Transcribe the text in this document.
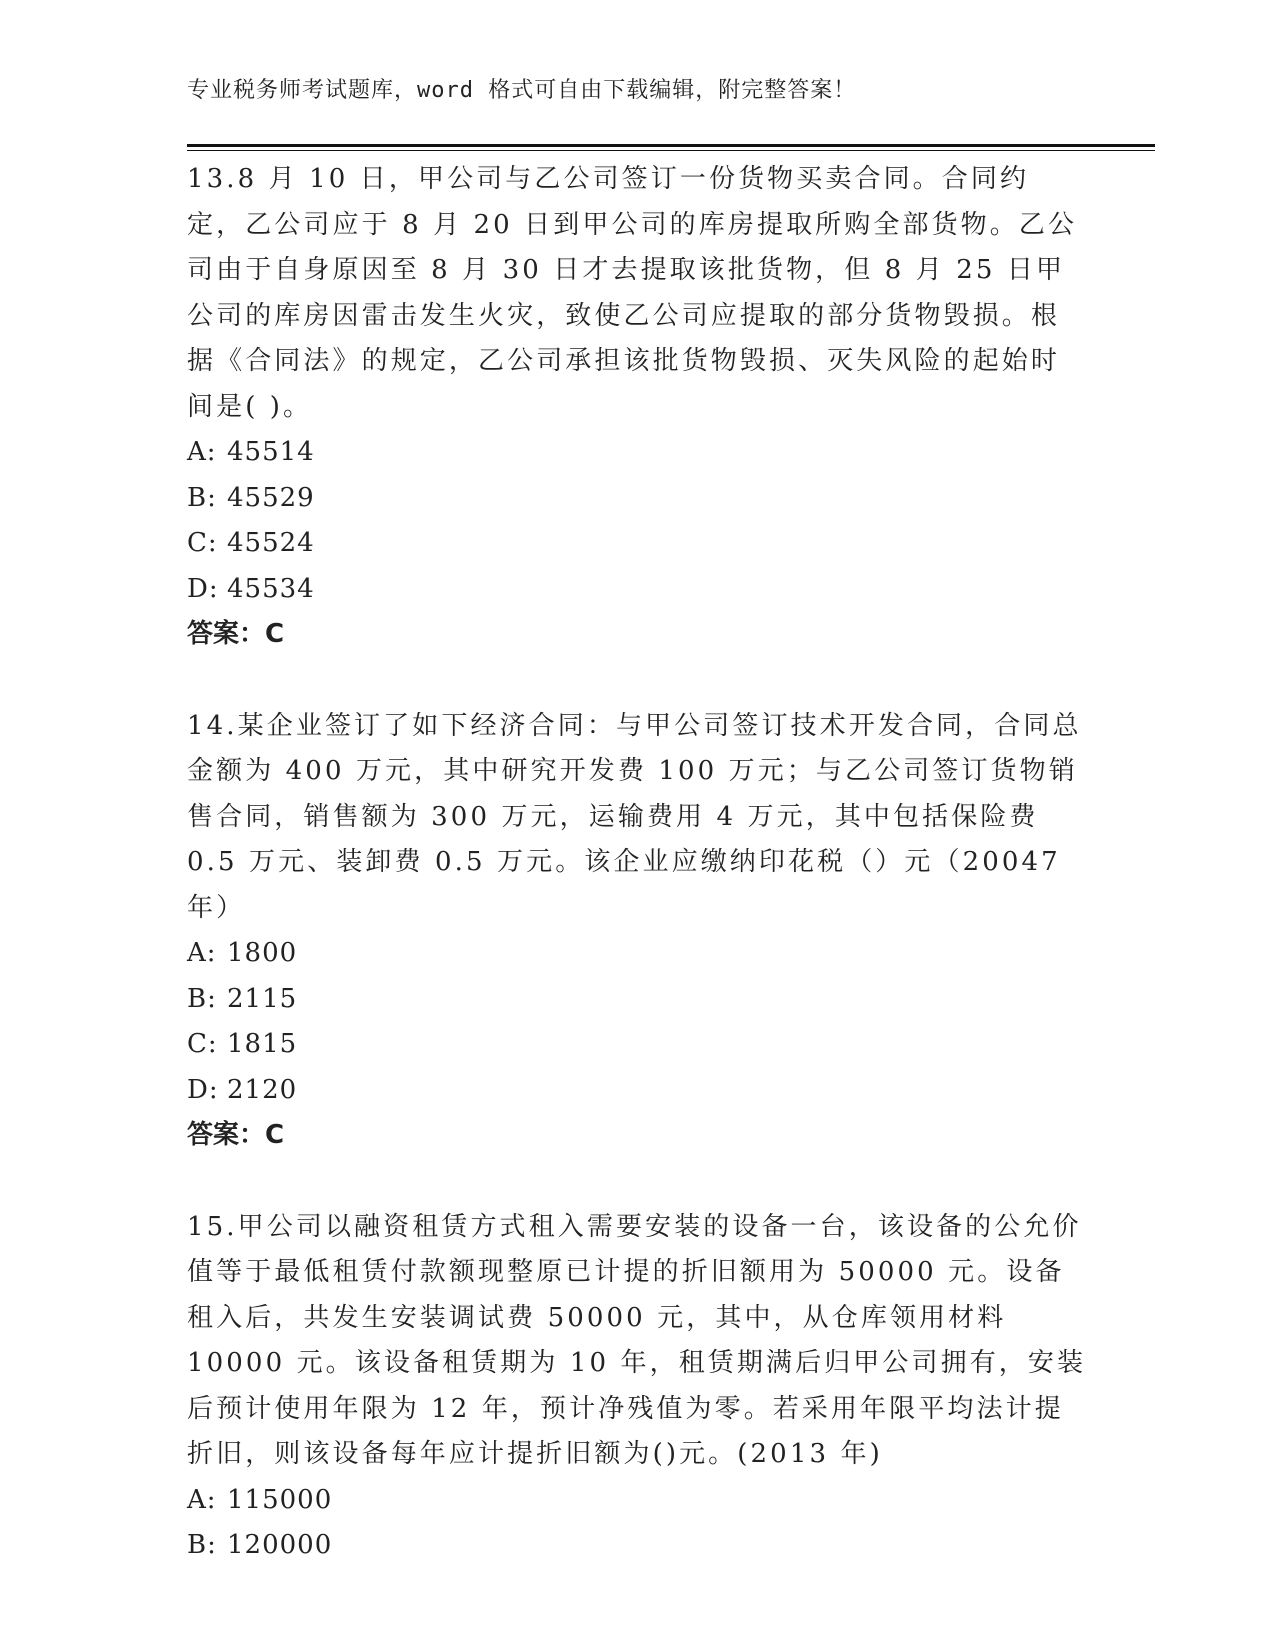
专业税务师考试题库，word 格式可自由下载编辑，附完整答案！

13.8 月 10 日，甲公司与乙公司签订一份货物买卖合同。合同约定，乙公司应于 8 月 20 日到甲公司的库房提取所购全部货物。乙公司由于自身原因至 8 月 30 日才去提取该批货物，但 8 月 25 日甲公司的库房因雷击发生火灾，致使乙公司应提取的部分货物毁损。根据《合同法》的规定，乙公司承担该批货物毁损、灭失风险的起始时间是( )。

A: 45514

B: 45529

C: 45524

D: 45534

答案：C

14.某企业签订了如下经济合同：与甲公司签订技术开发合同，合同总金额为 400 万元，其中研究开发费 100 万元；与乙公司签订货物销售合同，销售额为 300 万元，运输费用 4 万元，其中包括保险费 0.5 万元、装卸费 0.5 万元。该企业应缴纳印花税（）元（20047 年）

A: 1800

B: 2115

C: 1815

D: 2120

答案：C

15.甲公司以融资租赁方式租入需要安装的设备一台，该设备的公允价值等于最低租赁付款额现整原已计提的折旧额用为 50000 元。设备租入后，共发生安装调试费 50000 元，其中，从仓库领用材料 10000 元。该设备租赁期为 10 年，租赁期满后归甲公司拥有，安装后预计使用年限为 12 年，预计净残值为零。若采用年限平均法计提折旧，则该设备每年应计提折旧额为()元。(2013 年)

A: 115000

B: 120000
